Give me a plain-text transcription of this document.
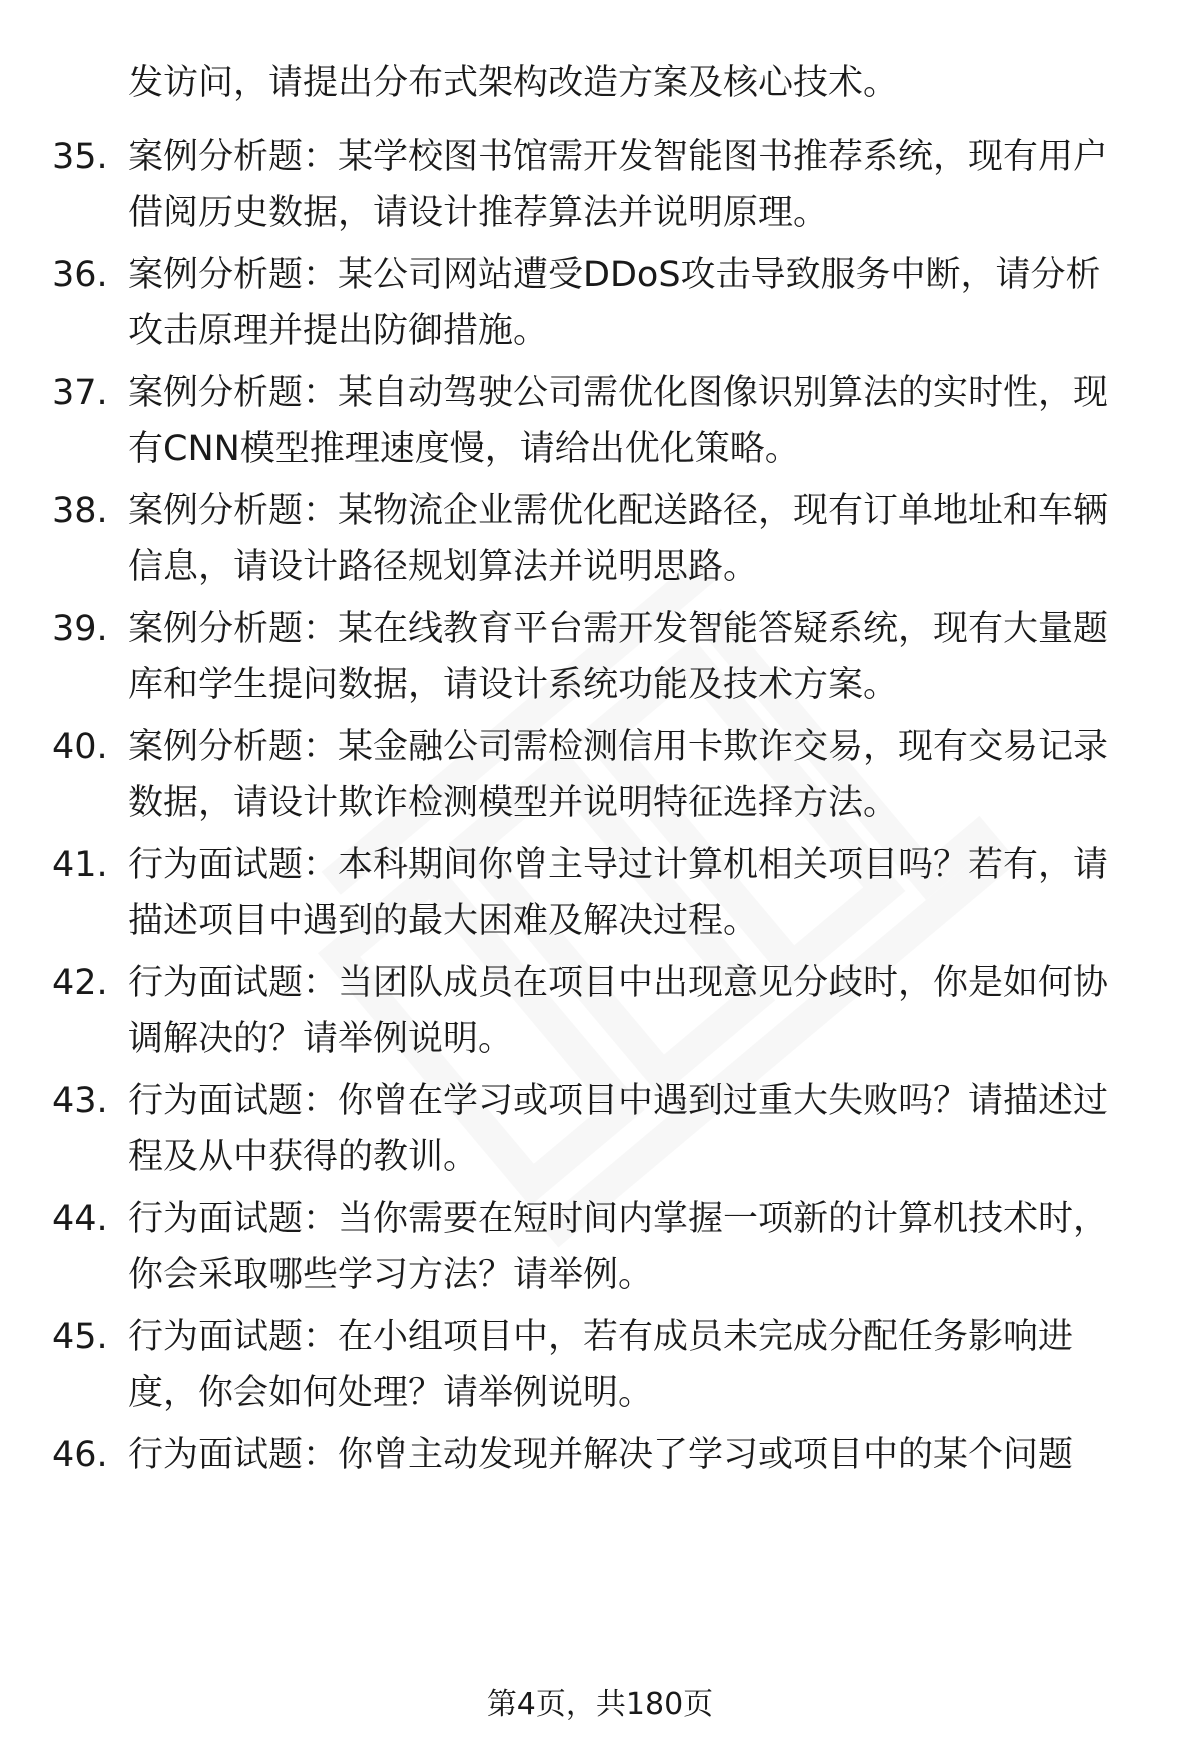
发访问，请提出分布式架构改造方案及核心技术。
35. 案例分析题：某学校图书馆需开发智能图书推荐系统，现有用户
借阅历史数据，请设计推荐算法并说明原理。
36. 案例分析题：某公司网站遭受DDoS攻击导致服务中断，请分析
攻击原理并提出防御措施。
37. 案例分析题：某自动驾驶公司需优化图像识别算法的实时性，现
有CNN模型推理速度慢，请给出优化策略。
38. 案例分析题：某物流企业需优化配送路径，现有订单地址和车辆
信息，请设计路径规划算法并说明思路。
39. 案例分析题：某在线教育平台需开发智能答疑系统，现有大量题
库和学生提问数据，请设计系统功能及技术方案。
40. 案例分析题：某金融公司需检测信用卡欺诈交易，现有交易记录
数据，请设计欺诈检测模型并说明特征选择方法。
41. 行为面试题：本科期间你曾主导过计算机相关项目吗？若有，请
描述项目中遇到的最大困难及解决过程。
42. 行为面试题：当团队成员在项目中出现意见分歧时，你是如何协
调解决的？请举例说明。
43. 行为面试题：你曾在学习或项目中遇到过重大失败吗？请描述过
程及从中获得的教训。
44. 行为面试题：当你需要在短时间内掌握一项新的计算机技术时，
你会采取哪些学习方法？请举例。
45. 行为面试题：在小组项目中，若有成员未完成分配任务影响进
度，你会如何处理？请举例说明。
46. 行为面试题：你曾主动发现并解决了学习或项目中的某个问题
第4页，共180页
